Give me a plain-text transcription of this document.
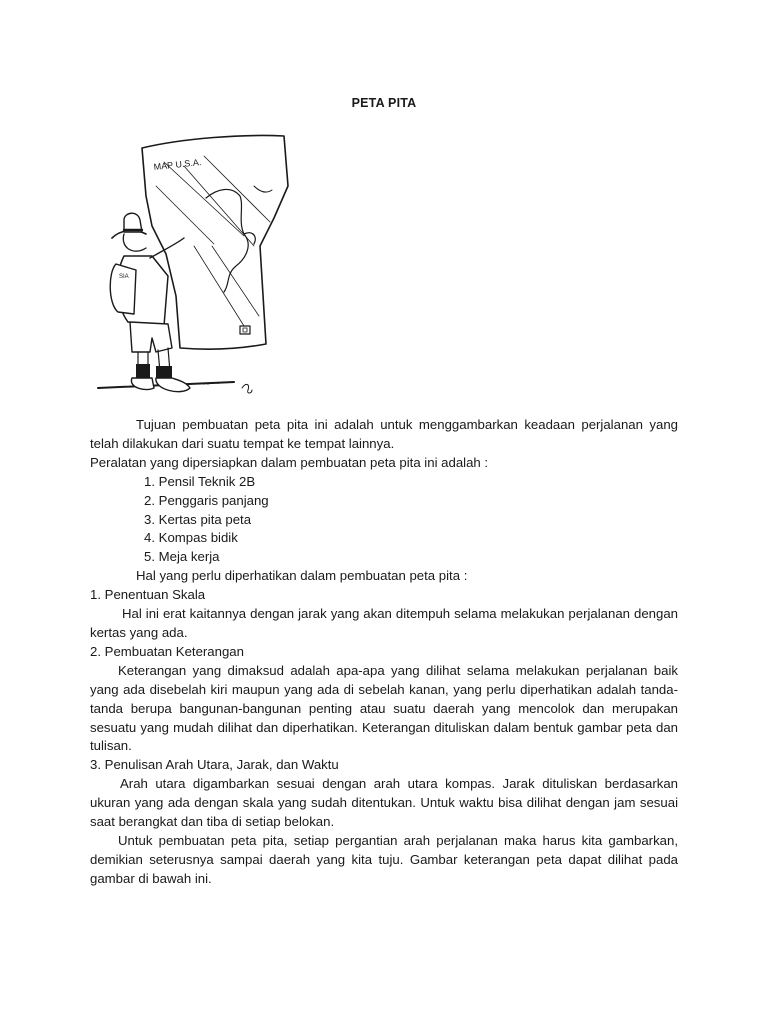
PETA PITA
MAP U.S.A.
SIA

Tujuan pembuatan peta pita ini adalah untuk menggambarkan keadaan perjalanan yang telah dilakukan dari suatu tempat ke tempat lainnya.

Peralatan yang dipersiapkan dalam pembuatan peta pita ini adalah :

1. Pensil Teknik 2B
2. Penggaris panjang
3. Kertas pita peta
4. Kompas bidik
5. Meja kerja

Hal yang perlu diperhatikan dalam pembuatan peta pita :

1. Penentuan Skala

Hal ini erat kaitannya dengan jarak yang akan ditempuh selama melakukan perjalanan dengan kertas yang ada.

2. Pembuatan Keterangan

Keterangan yang dimaksud adalah apa-apa yang dilihat selama melakukan perjalanan baik yang ada disebelah kiri maupun yang ada di sebelah kanan, yang perlu diperhatikan adalah tanda-tanda berupa bangunan-bangunan penting atau suatu daerah yang mencolok dan merupakan sesuatu yang mudah dilihat dan diperhatikan. Keterangan dituliskan dalam bentuk gambar peta dan tulisan.

3. Penulisan Arah Utara, Jarak, dan Waktu

Arah utara digambarkan sesuai dengan arah utara kompas. Jarak dituliskan berdasarkan ukuran yang ada dengan skala yang sudah ditentukan. Untuk waktu bisa dilihat dengan jam sesuai saat berangkat dan tiba di setiap belokan.

Untuk pembuatan peta pita, setiap pergantian arah perjalanan maka harus kita gambarkan, demikian seterusnya sampai daerah yang kita tuju. Gambar keterangan peta dapat dilihat pada gambar di bawah ini.
